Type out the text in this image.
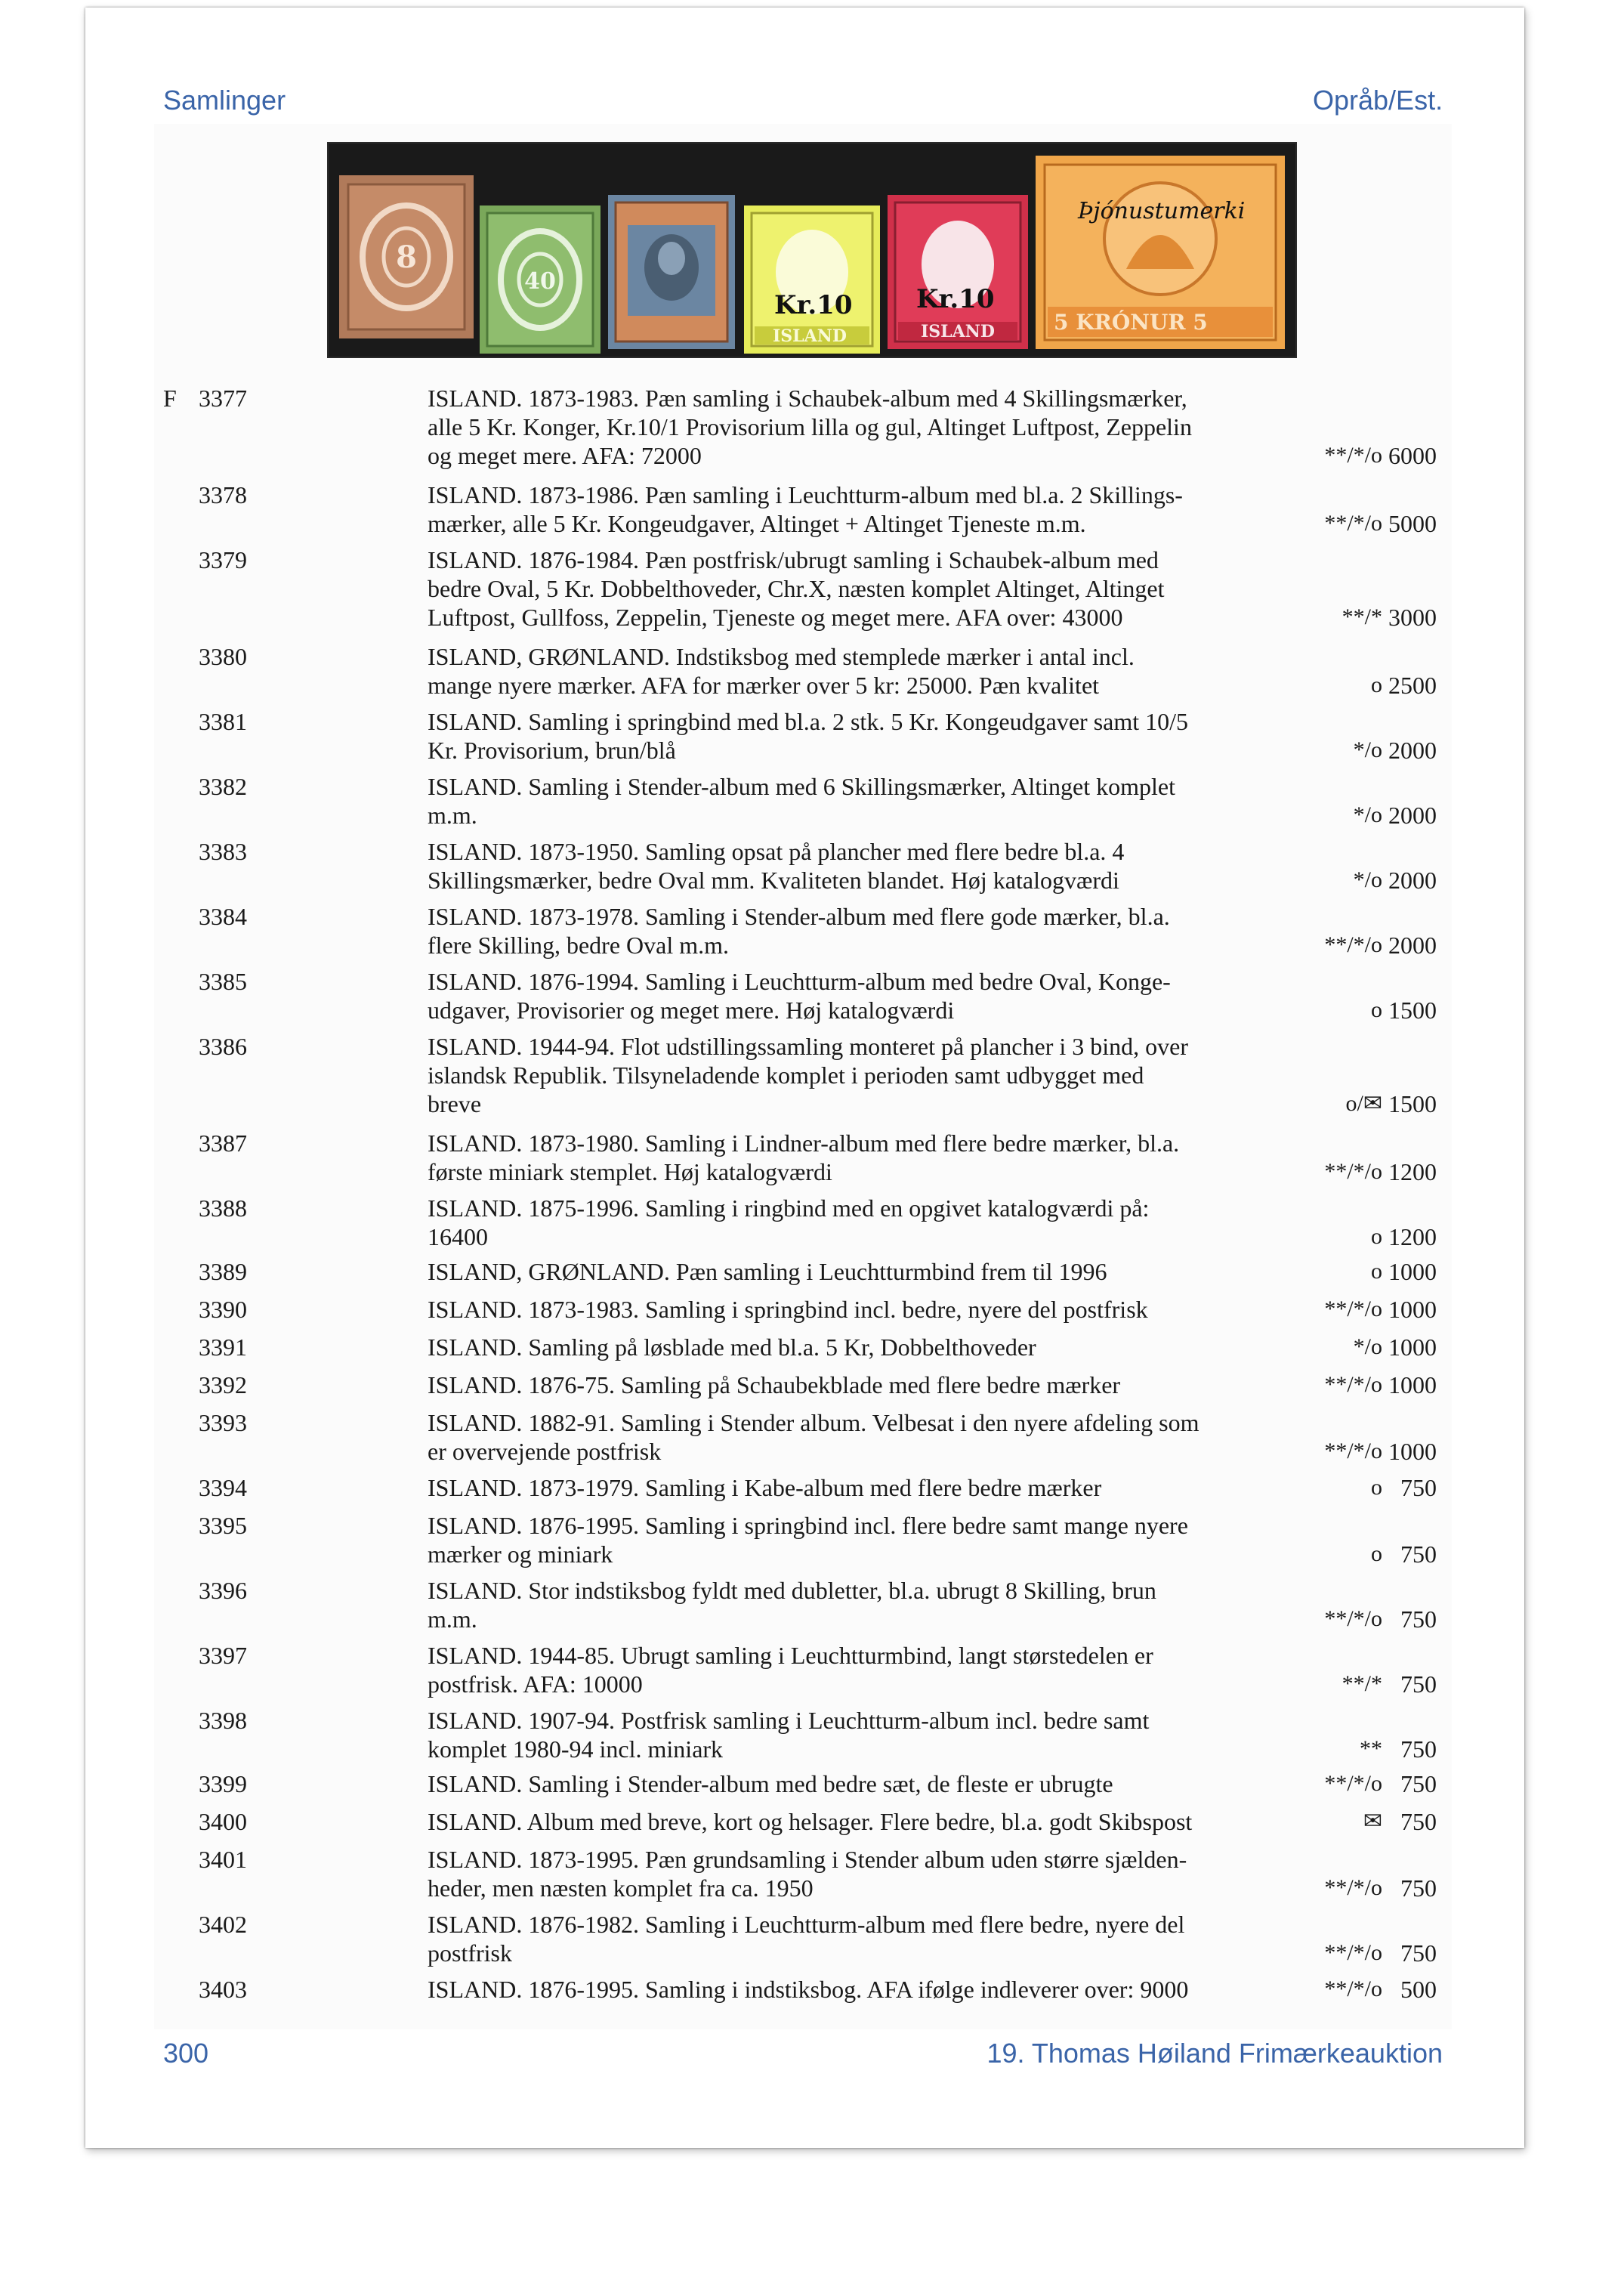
Samlinger	Opråb/Est.
8
40
Kr.10
ISLAND
Kr.10
ISLAND
Þjónustumerki
5 KRÓNUR 5
F 3377	ISLAND. 1873-1983. Pæn samling i Schaubek-album med 4 Skillingsmærker,
alle 5 Kr. Konger, Kr.10/1 Provisorium lilla og gul, Altinget Luftpost, Zeppelin
og meget mere. AFA: 72000	**/*/o 6000
3378	ISLAND. 1873-1986. Pæn samling i Leuchtturm-album med bl.a. 2 Skillings-
mærker, alle 5 Kr. Kongeudgaver, Altinget + Altinget Tjeneste m.m.	**/*/o 5000
3379	ISLAND. 1876-1984. Pæn postfrisk/ubrugt samling i Schaubek-album med
bedre Oval, 5 Kr. Dobbelthoveder, Chr.X, næsten komplet Altinget, Altinget
Luftpost, Gullfoss, Zeppelin, Tjeneste og meget mere. AFA over: 43000	**/* 3000
3380	ISLAND, GRØNLAND. Indstiksbog med stemplede mærker i antal incl.
mange nyere mærker. AFA for mærker over 5 kr: 25000. Pæn kvalitet	o 2500
3381	ISLAND. Samling i springbind med bl.a. 2 stk. 5 Kr. Kongeudgaver samt 10/5
Kr. Provisorium, brun/blå	*/o 2000
3382	ISLAND. Samling i Stender-album med 6 Skillingsmærker, Altinget komplet
m.m.	*/o 2000
3383	ISLAND. 1873-1950. Samling opsat på plancher med flere bedre bl.a. 4
Skillingsmærker, bedre Oval mm. Kvaliteten blandet. Høj katalogværdi	*/o 2000
3384	ISLAND. 1873-1978. Samling i Stender-album med flere gode mærker, bl.a.
flere Skilling, bedre Oval m.m.	**/*/o 2000
3385	ISLAND. 1876-1994. Samling i Leuchtturm-album med bedre Oval, Konge-
udgaver, Provisorier og meget mere. Høj katalogværdi	o 1500
3386	ISLAND. 1944-94. Flot udstillingssamling monteret på plancher i 3 bind, over
islandsk Republik. Tilsyneladende komplet i perioden samt udbygget med
breve	o/✉ 1500
3387	ISLAND. 1873-1980. Samling i Lindner-album med flere bedre mærker, bl.a.
første miniark stemplet. Høj katalogværdi	**/*/o 1200
3388	ISLAND. 1875-1996. Samling i ringbind med en opgivet katalogværdi på:
16400	o 1200
3389	ISLAND, GRØNLAND. Pæn samling i Leuchtturmbind frem til 1996	o 1000
3390	ISLAND. 1873-1983. Samling i springbind incl. bedre, nyere del postfrisk	**/*/o 1000
3391	ISLAND. Samling på løsblade med bl.a. 5 Kr, Dobbelthoveder	*/o 1000
3392	ISLAND. 1876-75. Samling på Schaubekblade med flere bedre mærker	**/*/o 1000
3393	ISLAND. 1882-91. Samling i Stender album. Velbesat i den nyere afdeling som
er overvejende postfrisk	**/*/o 1000
3394	ISLAND. 1873-1979. Samling i Kabe-album med flere bedre mærker	o 750
3395	ISLAND. 1876-1995. Samling i springbind incl. flere bedre samt mange nyere
mærker og miniark	o 750
3396	ISLAND. Stor indstiksbog fyldt med dubletter, bl.a. ubrugt 8 Skilling, brun
m.m.	**/*/o 750
3397	ISLAND. 1944-85. Ubrugt samling i Leuchtturmbind, langt størstedelen er
postfrisk. AFA: 10000	**/* 750
3398	ISLAND. 1907-94. Postfrisk samling i Leuchtturm-album incl. bedre samt
komplet 1980-94 incl. miniark	** 750
3399	ISLAND. Samling i Stender-album med bedre sæt, de fleste er ubrugte	**/*/o 750
3400	ISLAND. Album med breve, kort og helsager. Flere bedre, bl.a. godt Skibspost	✉ 750
3401	ISLAND. 1873-1995. Pæn grundsamling i Stender album uden større sjælden-
heder, men næsten komplet fra ca. 1950	**/*/o 750
3402	ISLAND. 1876-1982. Samling i Leuchtturm-album med flere bedre, nyere del
postfrisk	**/*/o 750
3403	ISLAND. 1876-1995. Samling i indstiksbog. AFA ifølge indleverer over: 9000	**/*/o 500
300	19. Thomas Høiland Frimærkeauktion
